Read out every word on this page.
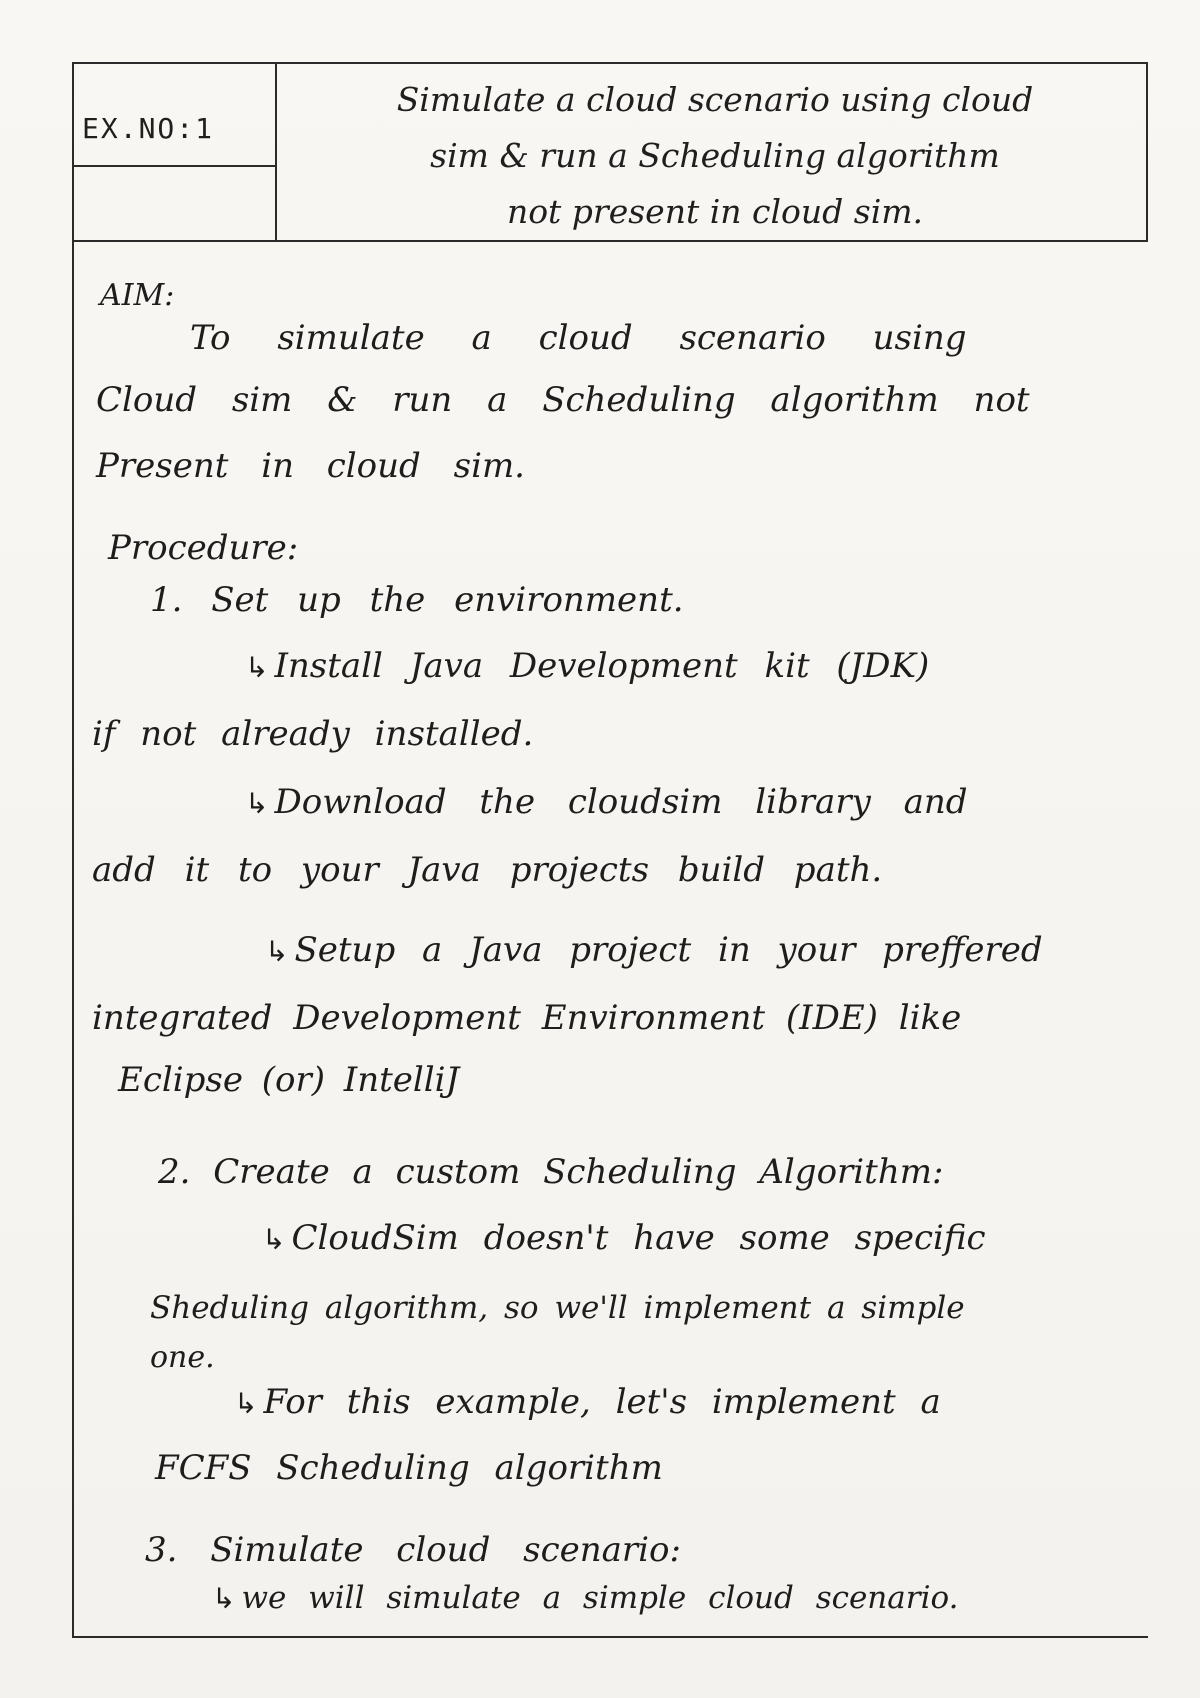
EX.NO:1
Simulate a cloud scenario using cloud
sim & run a Scheduling algorithm
not present in cloud sim.
AIM:
To simulate a cloud scenario using
Cloud sim & run a Scheduling algorithm not
Present in cloud sim.
Procedure:
1. Set up the environment.
↳ Install Java Development kit (JDK)
if not already installed.
↳ Download the cloudsim library and
add it to your Java projects build path.
↳ Setup a Java project in your preffered
integrated Development Environment (IDE) like
Eclipse (or) IntelliJ
2. Create a custom Scheduling Algorithm:
↳ CloudSim doesn't have some specific
Sheduling algorithm, so we'll implement a simple
one.
↳ For this example, let's implement a
FCFS Scheduling algorithm
3. Simulate cloud scenario:
↳ we will simulate a simple cloud scenario.
